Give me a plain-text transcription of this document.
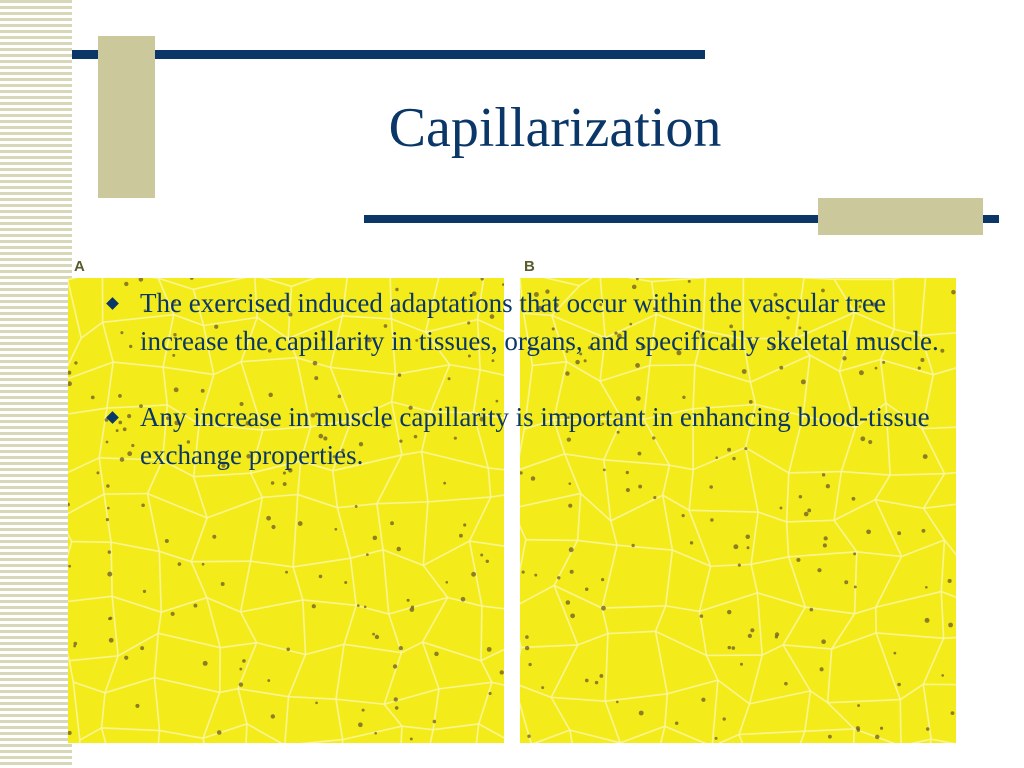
Capillarization
A	B
The exercised induced adaptations that occur within the vascular tree increase the capillarity in tissues, organs, and specifically skeletal muscle.
Any increase in muscle capillarity is important in enhancing blood-tissue exchange properties.
